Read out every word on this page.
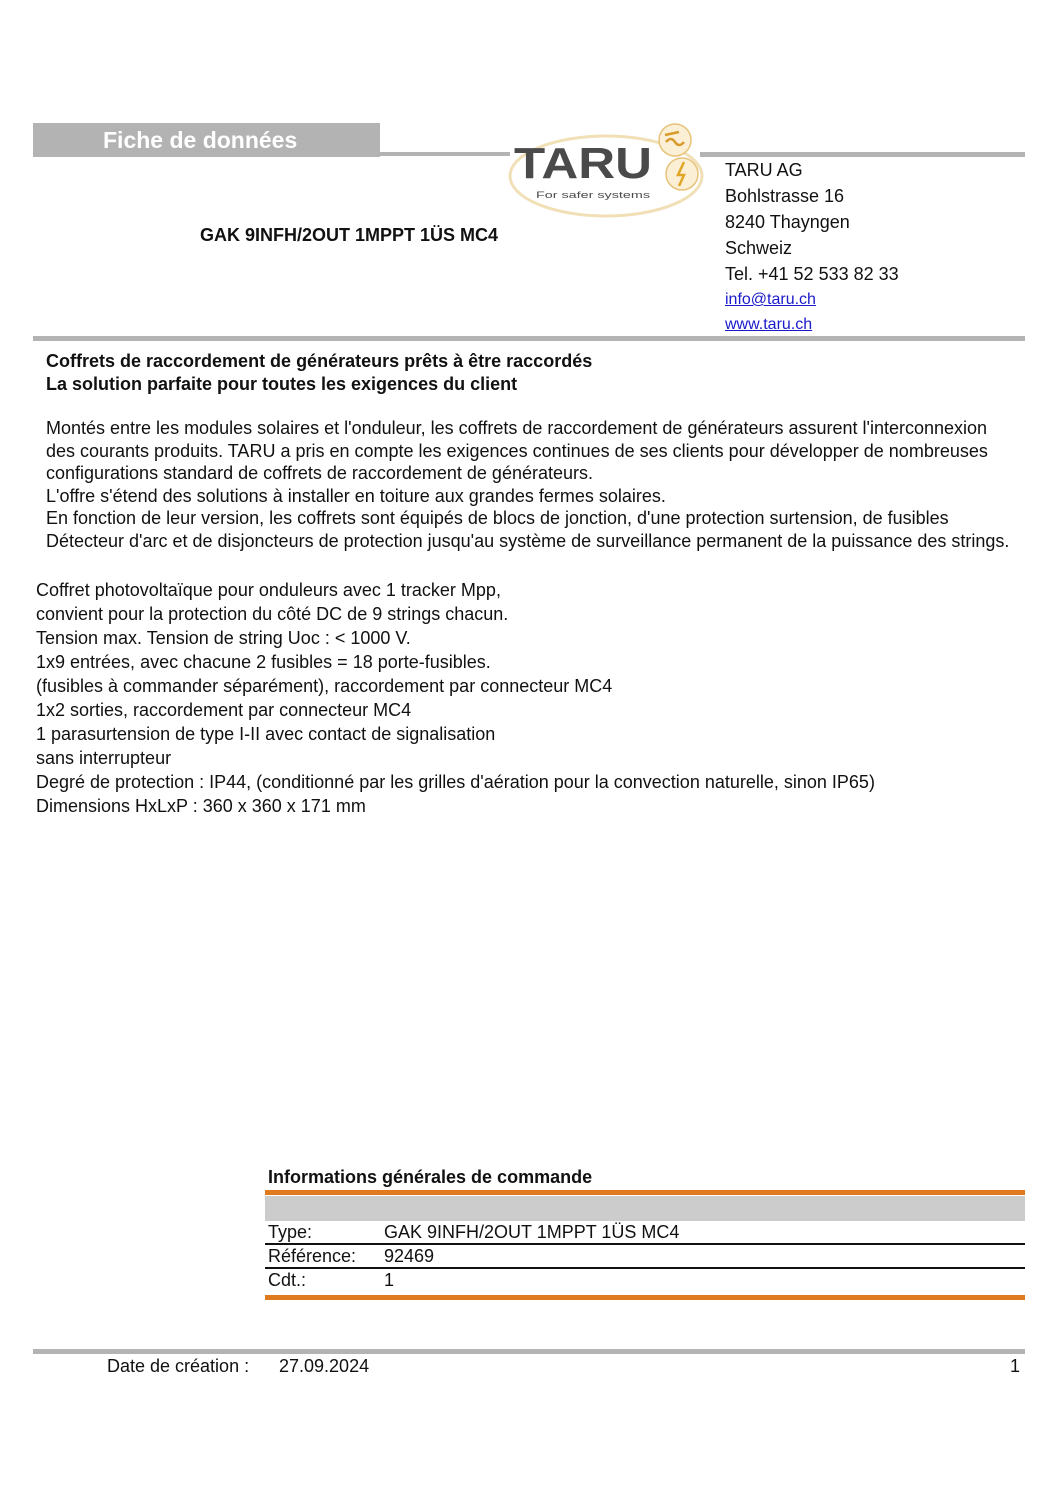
Fiche de données	TARU
For safer systems
GAK 9INFH/2OUT 1MPPT 1ÜS MC4
TARU AG
Bohlstrasse 16
8240 Thayngen
Schweiz
Tel. +41 52 533 82 33
info@taru.ch
www.taru.ch
Coffrets de raccordement de générateurs prêts à être raccordés
La solution parfaite pour toutes les exigences du client
Montés entre les modules solaires et l'onduleur, les coffrets de raccordement de générateurs assurent l'interconnexion des courants produits. TARU a pris en compte les exigences continues de ses clients pour développer de nombreuses configurations standard de coffrets de raccordement de générateurs.
L'offre s'étend des solutions à installer en toiture aux grandes fermes solaires.
En fonction de leur version, les coffrets sont équipés de blocs de jonction, d'une protection surtension, de fusibles
Détecteur d'arc et de disjoncteurs de protection jusqu'au système de surveillance permanent de la puissance des strings.
Coffret photovoltaïque pour onduleurs avec 1 tracker Mpp,
convient pour la protection du côté DC de 9 strings chacun.
Tension max. Tension de string Uoc : < 1000 V.
1x9 entrées, avec chacune 2 fusibles = 18 porte-fusibles.
(fusibles à commander séparément), raccordement par connecteur MC4
1x2 sorties, raccordement par connecteur MC4
1 parasurtension de type I-II avec contact de signalisation
sans interrupteur
Degré de protection : IP44, (conditionné par les grilles d'aération pour la convection naturelle, sinon IP65)
Dimensions HxLxP : 360 x 360 x 171 mm
Informations générales de commande
Type:	GAK 9INFH/2OUT 1MPPT 1ÜS MC4
Référence:	92469
Cdt.:	1
Date de création : 27.09.2024	1
